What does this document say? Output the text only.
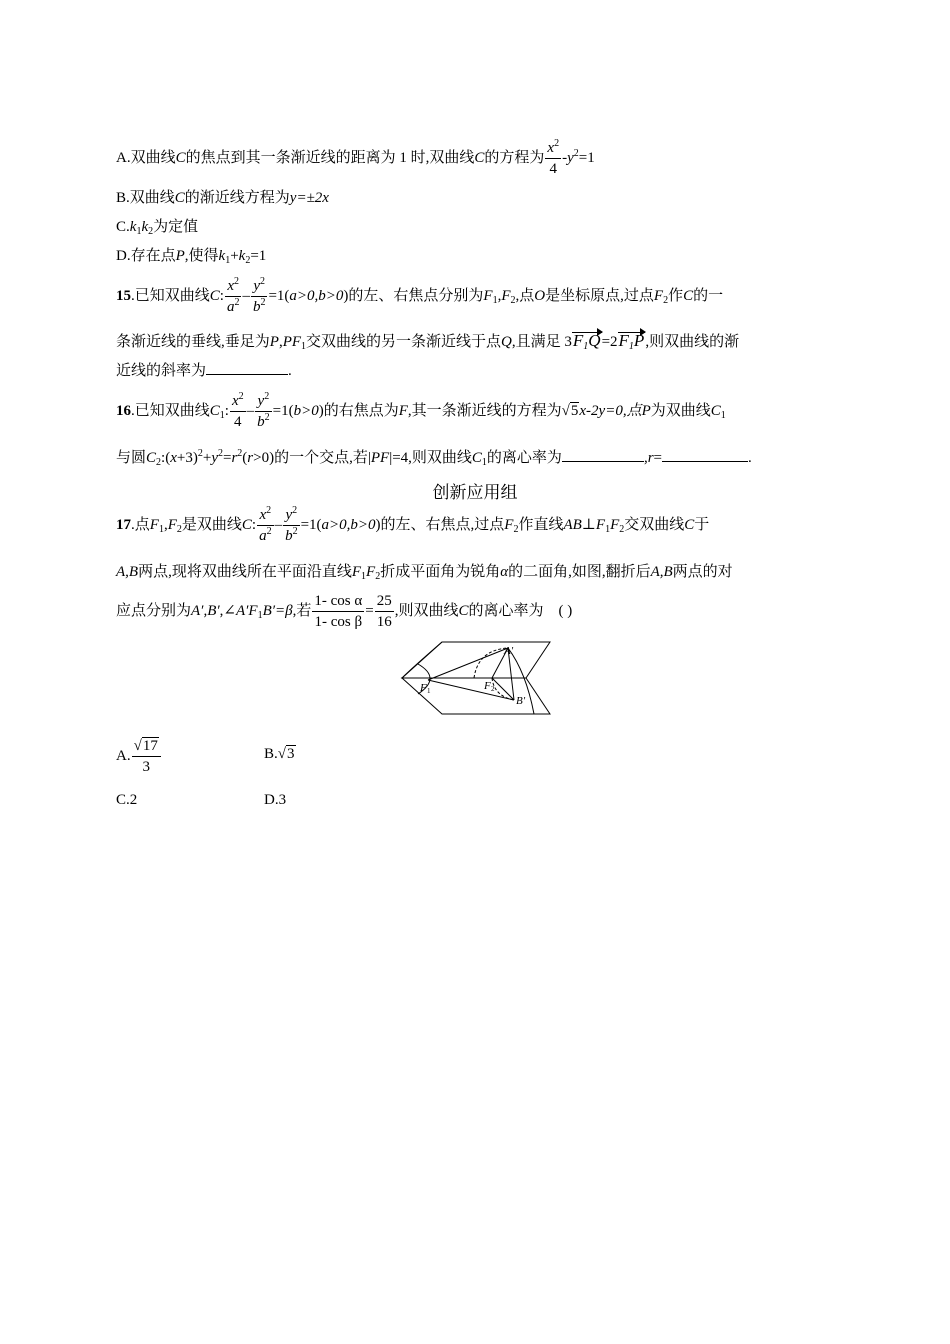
A.双曲线C的焦点到其一条渐近线的距离为 1 时,双曲线C的方程为 $\frac{x^2}{4} -y^2=1$
B.双曲线C的渐近线方程为y=±2x
$C.k_1k_2$为定值
D.存在点P,使得$k_1+k_2=1$
15.已知双曲线C: $\frac{x^2}{a^2} - \frac{y^2}{b^2} =1(a>0,b>0)$的左、右焦点分别为$F_1,F_2$,点O是坐标原点,过点$F_2$作C的一
条渐近线的垂线,垂足为$P,PF_1$交双曲线的另一条渐近线于点Q,且满足 $3F_1Q=2F_1P$,则双曲线的渐
近线的斜率为	.
16.已知双曲线$C_1$: $\frac{x^2}{4} - \frac{y^2}{b^2} =1(b>0)$的右焦点为F,其一条渐近线的方程为√5x-2y=0,点P为双曲线$C_1$
与圆$C_2:(x+3)^2+y^2=r^2(r>0)$的一个交点,若|PF|=4,则双曲线$C_1$的离心率为	,r=	.
创新应用组
17.点$F_1,F_2$是双曲线C: $\frac{x^2}{a^2} - \frac{y^2}{b^2} =1(a>0,b>0)$的左、右焦点,过点$F_2$作直线$AB\perp F_1F_2$交双曲线C于
A,B两点,现将双曲线所在平面沿直线$F_1F_2$折成平面角为锐角α的二面角,如图,翻折后A,B两点的对
应点分别为$A',B',\angle A'F_1B'=\beta$,若 $\frac{\text{1- cos α}}{\text{1- cos β}} = \frac{25}{16}$ ,则双曲线C的离心率为 ( )
A′
B′
F 1	F 2
A. $\frac{√17}{3}$	B.√3
C.2	D.3
